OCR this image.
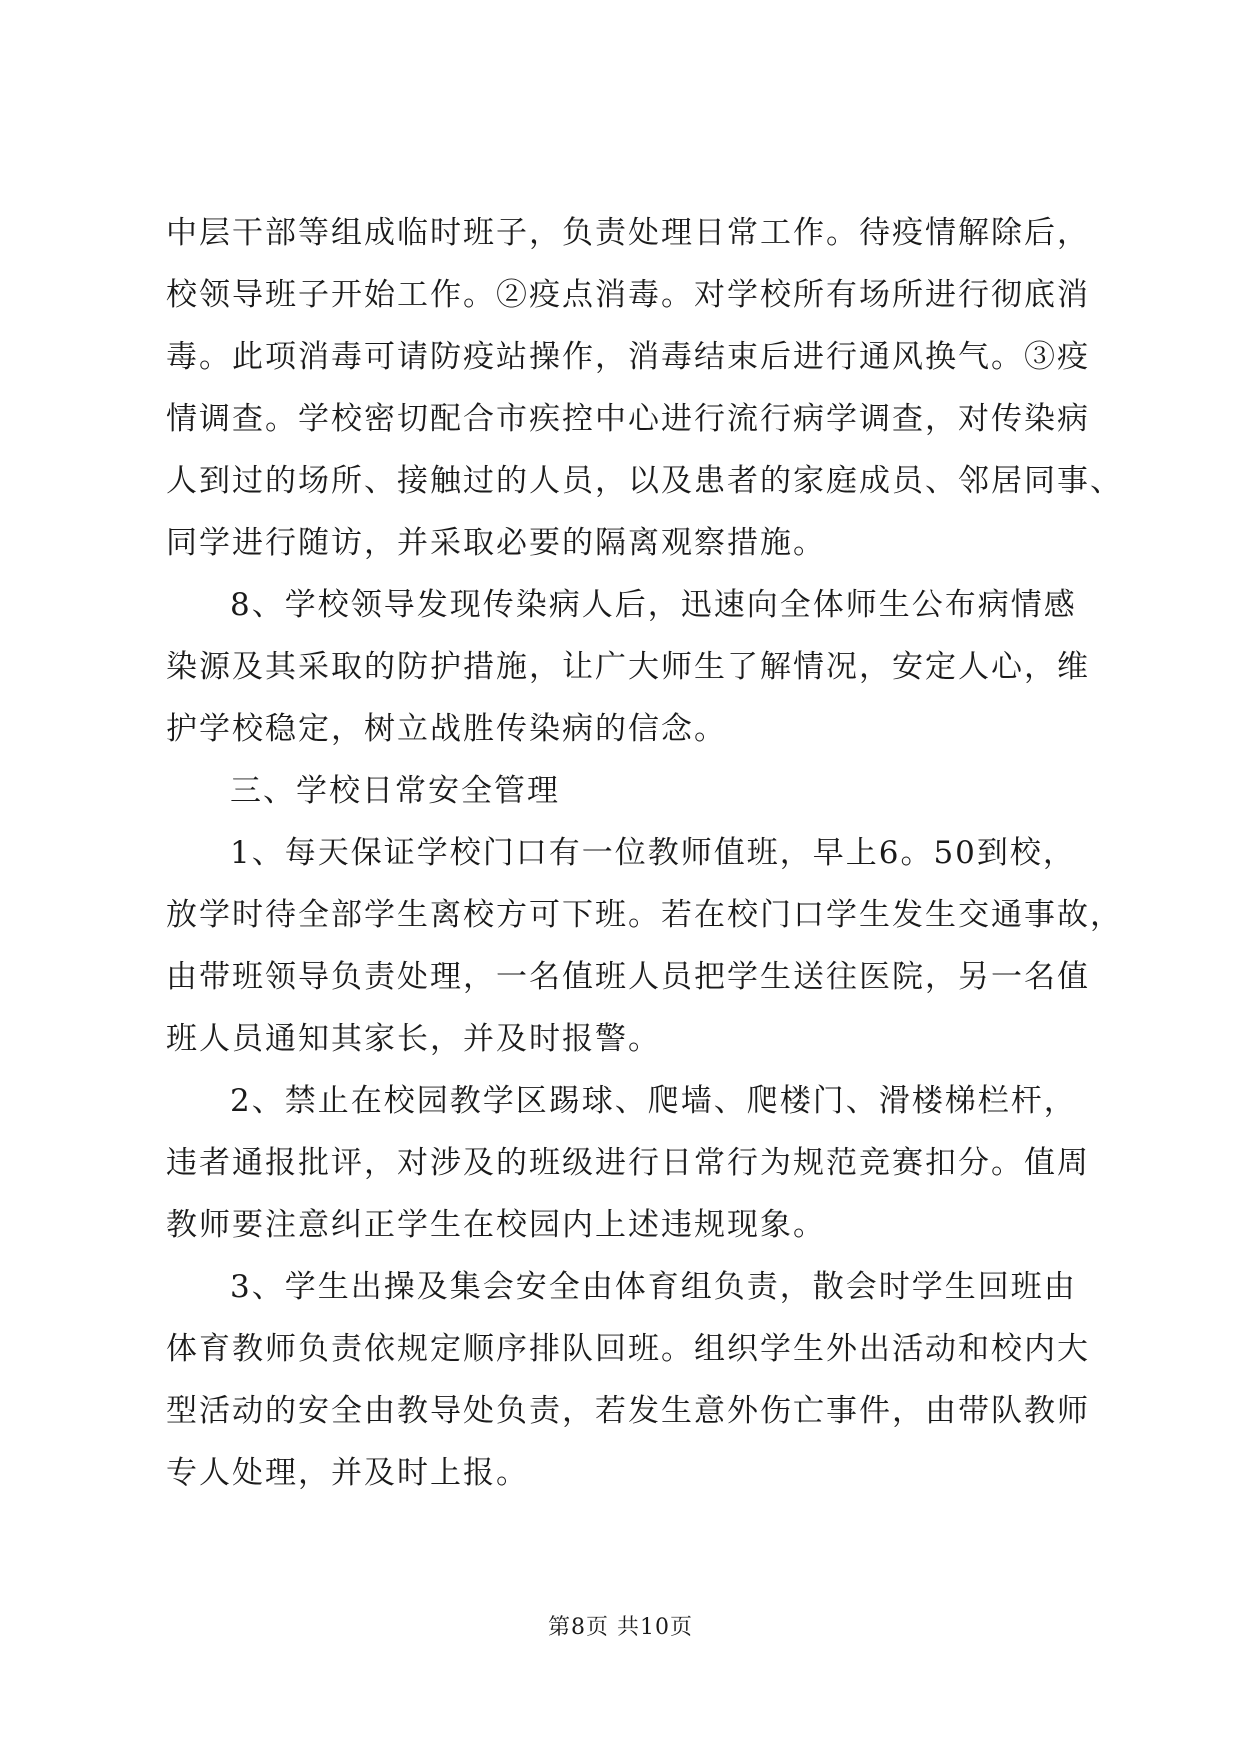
中层干部等组成临时班子，负责处理日常工作。待疫情解除后，
校领导班子开始工作。②疫点消毒。对学校所有场所进行彻底消
毒。此项消毒可请防疫站操作，消毒结束后进行通风换气。③疫
情调查。学校密切配合市疾控中心进行流行病学调查，对传染病
人到过的场所、接触过的人员，以及患者的家庭成员、邻居同事、
同学进行随访，并采取必要的隔离观察措施。

8、学校领导发现传染病人后，迅速向全体师生公布病情感
染源及其采取的防护措施，让广大师生了解情况，安定人心，维
护学校稳定，树立战胜传染病的信念。

三、学校日常安全管理

1、每天保证学校门口有一位教师值班，早上6。50到校，
放学时待全部学生离校方可下班。若在校门口学生发生交通事故，
由带班领导负责处理，一名值班人员把学生送往医院，另一名值
班人员通知其家长，并及时报警。

2、禁止在校园教学区踢球、爬墙、爬楼门、滑楼梯栏杆，
违者通报批评，对涉及的班级进行日常行为规范竞赛扣分。值周
教师要注意纠正学生在校园内上述违规现象。

3、学生出操及集会安全由体育组负责，散会时学生回班由
体育教师负责依规定顺序排队回班。组织学生外出活动和校内大
型活动的安全由教导处负责，若发生意外伤亡事件，由带队教师
专人处理，并及时上报。

第8页 共10页
